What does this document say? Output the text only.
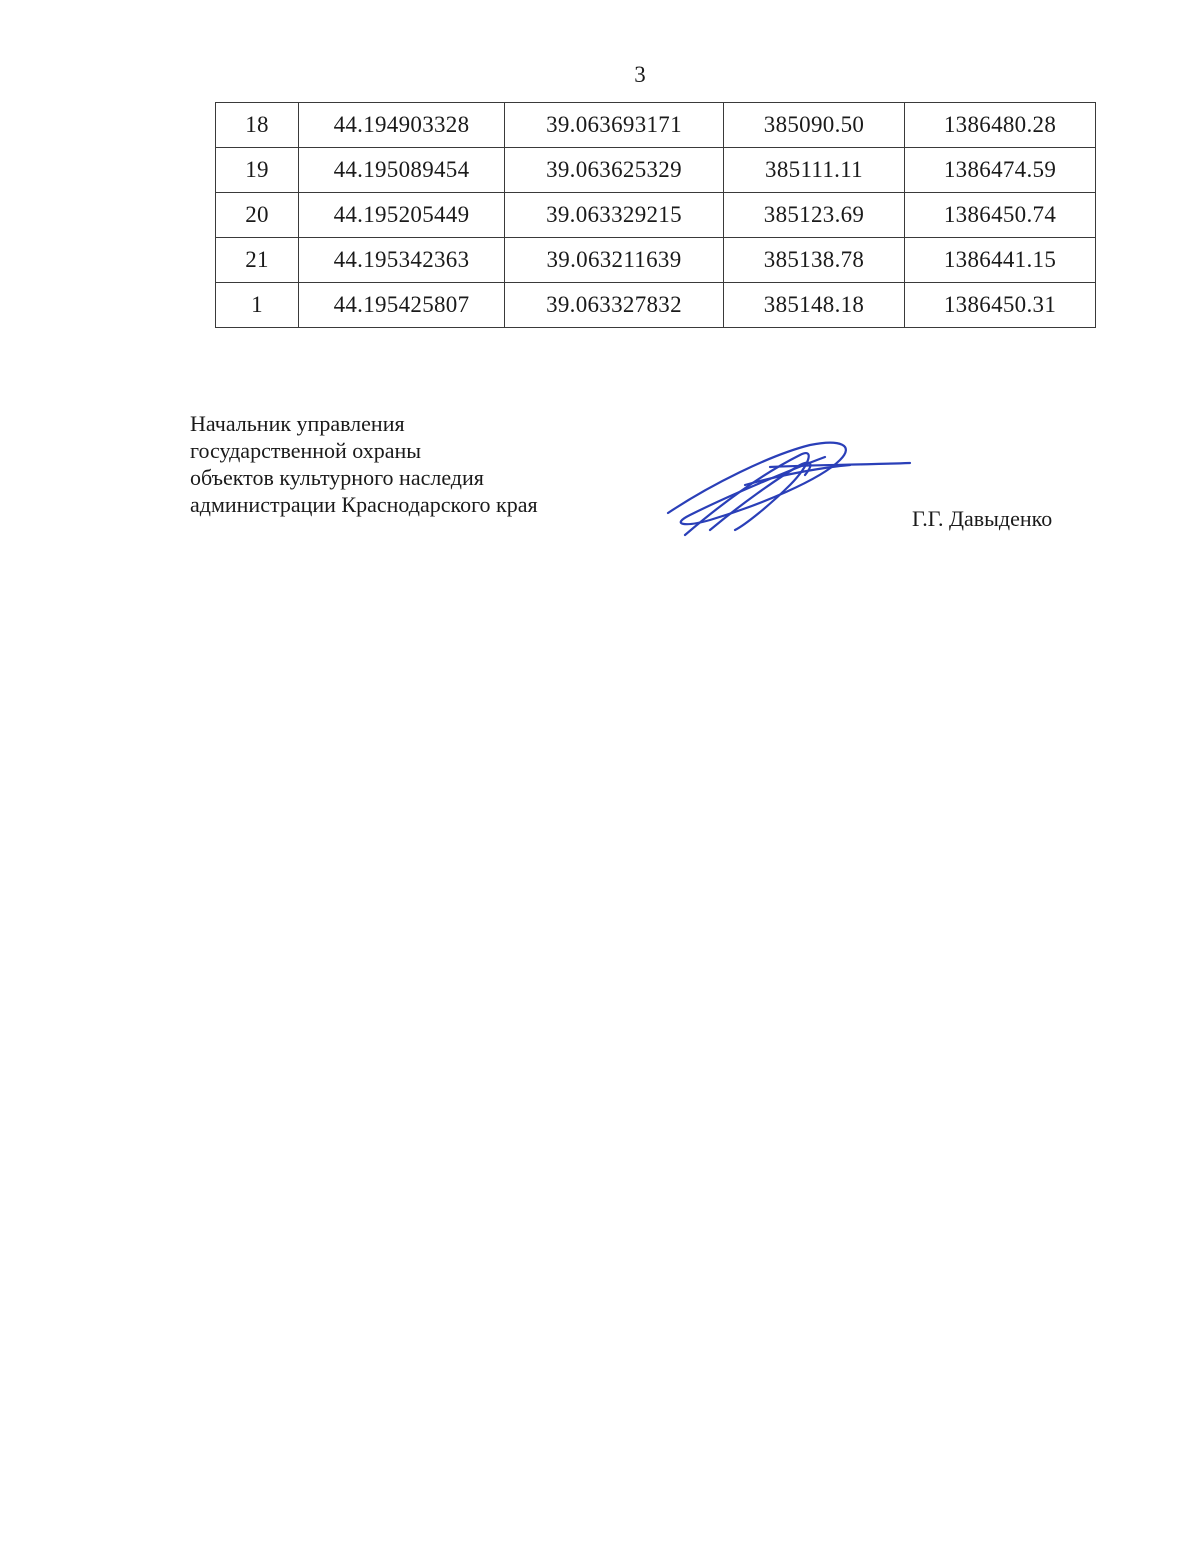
3
18	44.194903328	39.063693171	385090.50	1386480.28
19	44.195089454	39.063625329	385111.11	1386474.59
20	44.195205449	39.063329215	385123.69	1386450.74
21	44.195342363	39.063211639	385138.78	1386441.15
1	44.195425807	39.063327832	385148.18	1386450.31
Начальник управления
государственной охраны
объектов культурного наследия
администрации Краснодарского края
Г.Г. Давыденко
